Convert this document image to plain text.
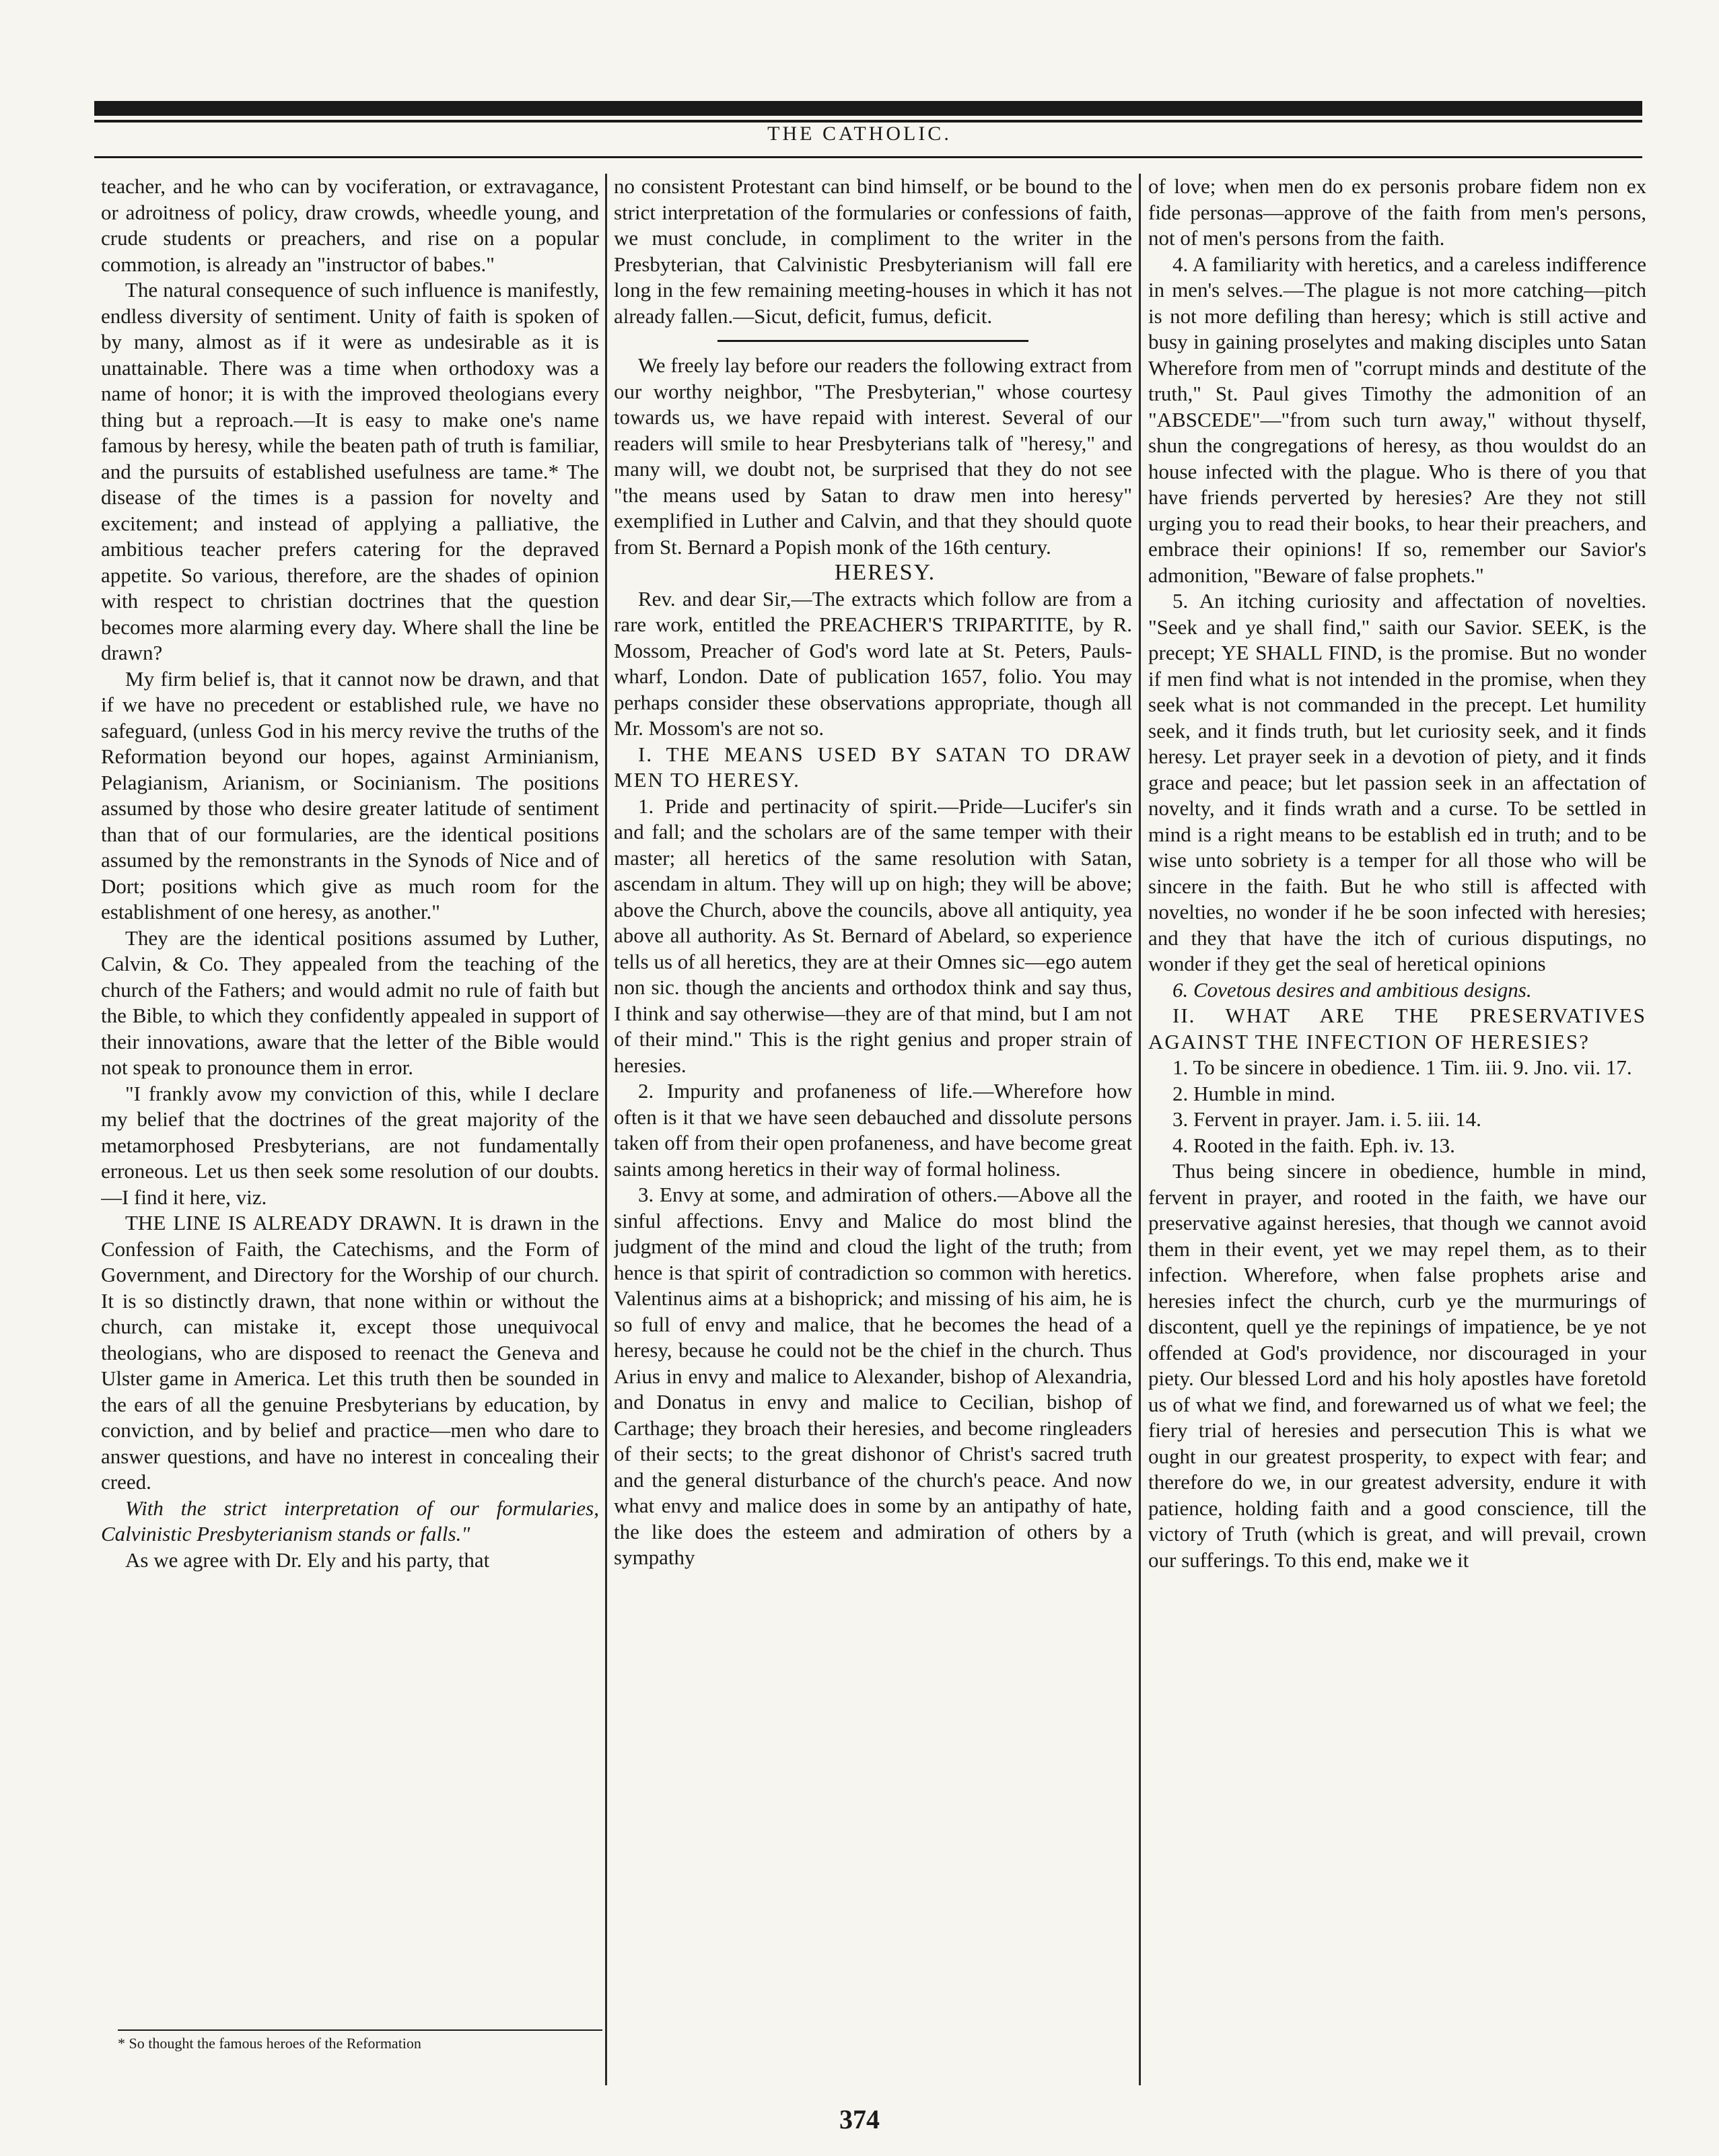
THE CATHOLIC.

teacher, and he who can by vociferation, or extravagance, or adroitness of policy, draw crowds, wheedle young, and crude students or preachers, and rise on a popular commotion, is already an "instructor of babes."

The natural consequence of such influence is manifestly, endless diversity of sentiment. Unity of faith is spoken of by many, almost as if it were as undesirable as it is unattainable. There was a time when orthodoxy was a name of honor; it is with the improved theologians every thing but a reproach.—It is easy to make one's name famous by heresy, while the beaten path of truth is familiar, and the pursuits of established usefulness are tame.* The disease of the times is a passion for novelty and excitement; and instead of applying a palliative, the ambitious teacher prefers catering for the depraved appetite. So various, therefore, are the shades of opinion with respect to christian doctrines that the question becomes more alarming every day. Where shall the line be drawn?

My firm belief is, that it cannot now be drawn, and that if we have no precedent or established rule, we have no safeguard, (unless God in his mercy revive the truths of the Reformation beyond our hopes, against Arminianism, Pelagianism, Arianism, or Socinianism. The positions assumed by those who desire greater latitude of sentiment than that of our formularies, are the identical positions assumed by the remonstrants in the Synods of Nice and of Dort; positions which give as much room for the establishment of one heresy, as another."

They are the identical positions assumed by Luther, Calvin, & Co. They appealed from the teaching of the church of the Fathers; and would admit no rule of faith but the Bible, to which they confidently appealed in support of their innovations, aware that the letter of the Bible would not speak to pronounce them in error.

"I frankly avow my conviction of this, while I declare my belief that the doctrines of the great majority of the metamorphosed Presbyterians, are not fundamentally erroneous. Let us then seek some resolution of our doubts.—I find it here, viz.

THE LINE IS ALREADY DRAWN. It is drawn in the Confession of Faith, the Catechisms, and the Form of Government, and Directory for the Worship of our church. It is so distinctly drawn, that none within or without the church, can mistake it, except those unequivocal theologians, who are disposed to reenact the Geneva and Ulster game in America. Let this truth then be sounded in the ears of all the genuine Presbyterians by education, by conviction, and by belief and practice—men who dare to answer questions, and have no interest in concealing their creed.

With the strict interpretation of our formularies, Calvinistic Presbyterianism stands or falls."

As we agree with Dr. Ely and his party, that

no consistent Protestant can bind himself, or be bound to the strict interpretation of the formularies or confessions of faith, we must conclude, in compliment to the writer in the Presbyterian, that Calvinistic Presbyterianism will fall ere long in the few remaining meeting-houses in which it has not already fallen.—Sicut, deficit, fumus, deficit.

We freely lay before our readers the following extract from our worthy neighbor, "The Presbyterian," whose courtesy towards us, we have repaid with interest. Several of our readers will smile to hear Presbyterians talk of "heresy," and many will, we doubt not, be surprised that they do not see "the means used by Satan to draw men into heresy" exemplified in Luther and Calvin, and that they should quote from St. Bernard a Popish monk of the 16th century.

HERESY.

Rev. and dear Sir,—The extracts which follow are from a rare work, entitled the PREACHER'S TRIPARTITE, by R. Mossom, Preacher of God's word late at St. Peters, Pauls-wharf, London. Date of publication 1657, folio. You may perhaps consider these observations appropriate, though all Mr. Mossom's are not so.

I. THE MEANS USED BY SATAN TO DRAW MEN TO HERESY.

1. Pride and pertinacity of spirit.—Pride—Lucifer's sin and fall; and the scholars are of the same temper with their master; all heretics of the same resolution with Satan, ascendam in altum. They will up on high; they will be above; above the Church, above the councils, above all antiquity, yea above all authority. As St. Bernard of Abelard, so experience tells us of all heretics, they are at their Omnes sic—ego autem non sic. though the ancients and orthodox think and say thus, I think and say otherwise—they are of that mind, but I am not of their mind." This is the right genius and proper strain of heresies.

2. Impurity and profaneness of life.—Wherefore how often is it that we have seen debauched and dissolute persons taken off from their open profaneness, and have become great saints among heretics in their way of formal holiness.

3. Envy at some, and admiration of others.—Above all the sinful affections. Envy and Malice do most blind the judgment of the mind and cloud the light of the truth; from hence is that spirit of contradiction so common with heretics. Valentinus aims at a bishoprick; and missing of his aim, he is so full of envy and malice, that he becomes the head of a heresy, because he could not be the chief in the church. Thus Arius in envy and malice to Alexander, bishop of Alexandria, and Donatus in envy and malice to Cecilian, bishop of Carthage; they broach their heresies, and become ringleaders of their sects; to the great dishonor of Christ's sacred truth and the general disturbance of the church's peace. And now what envy and malice does in some by an antipathy of hate, the like does the esteem and admiration of others by a sympathy

of love; when men do ex personis probare fidem non ex fide personas—approve of the faith from men's persons, not of men's persons from the faith.

4. A familiarity with heretics, and a careless indifference in men's selves.—The plague is not more catching—pitch is not more defiling than heresy; which is still active and busy in gaining proselytes and making disciples unto Satan Wherefore from men of "corrupt minds and destitute of the truth," St. Paul gives Timothy the admonition of an "ABSCEDE"—"from such turn away," without thyself, shun the congregations of heresy, as thou wouldst do an house infected with the plague. Who is there of you that have friends perverted by heresies? Are they not still urging you to read their books, to hear their preachers, and embrace their opinions! If so, remember our Savior's admonition, "Beware of false prophets."

5. An itching curiosity and affectation of novelties. "Seek and ye shall find," saith our Savior. SEEK, is the precept; YE SHALL FIND, is the promise. But no wonder if men find what is not intended in the promise, when they seek what is not commanded in the precept. Let humility seek, and it finds truth, but let curiosity seek, and it finds heresy. Let prayer seek in a devotion of piety, and it finds grace and peace; but let passion seek in an affectation of novelty, and it finds wrath and a curse. To be settled in mind is a right means to be establish ed in truth; and to be wise unto sobriety is a temper for all those who will be sincere in the faith. But he who still is affected with novelties, no wonder if he be soon infected with heresies; and they that have the itch of curious disputings, no wonder if they get the seal of heretical opinions

6. Covetous desires and ambitious designs.

II. WHAT ARE THE PRESERVATIVES AGAINST THE INFECTION OF HERESIES?

1. To be sincere in obedience. 1 Tim. iii. 9. Jno. vii. 17.

2. Humble in mind.

3. Fervent in prayer. Jam. i. 5. iii. 14.

4. Rooted in the faith. Eph. iv. 13.

Thus being sincere in obedience, humble in mind, fervent in prayer, and rooted in the faith, we have our preservative against heresies, that though we cannot avoid them in their event, yet we may repel them, as to their infection. Wherefore, when false prophets arise and heresies infect the church, curb ye the murmurings of discontent, quell ye the repinings of impatience, be ye not offended at God's providence, nor discouraged in your piety. Our blessed Lord and his holy apostles have foretold us of what we find, and forewarned us of what we feel; the fiery trial of heresies and persecution This is what we ought in our greatest prosperity, to expect with fear; and therefore do we, in our greatest adversity, endure it with patience, holding faith and a good conscience, till the victory of Truth (which is great, and will prevail, crown our sufferings. To this end, make we it

* So thought the famous heroes of the Reformation
374
